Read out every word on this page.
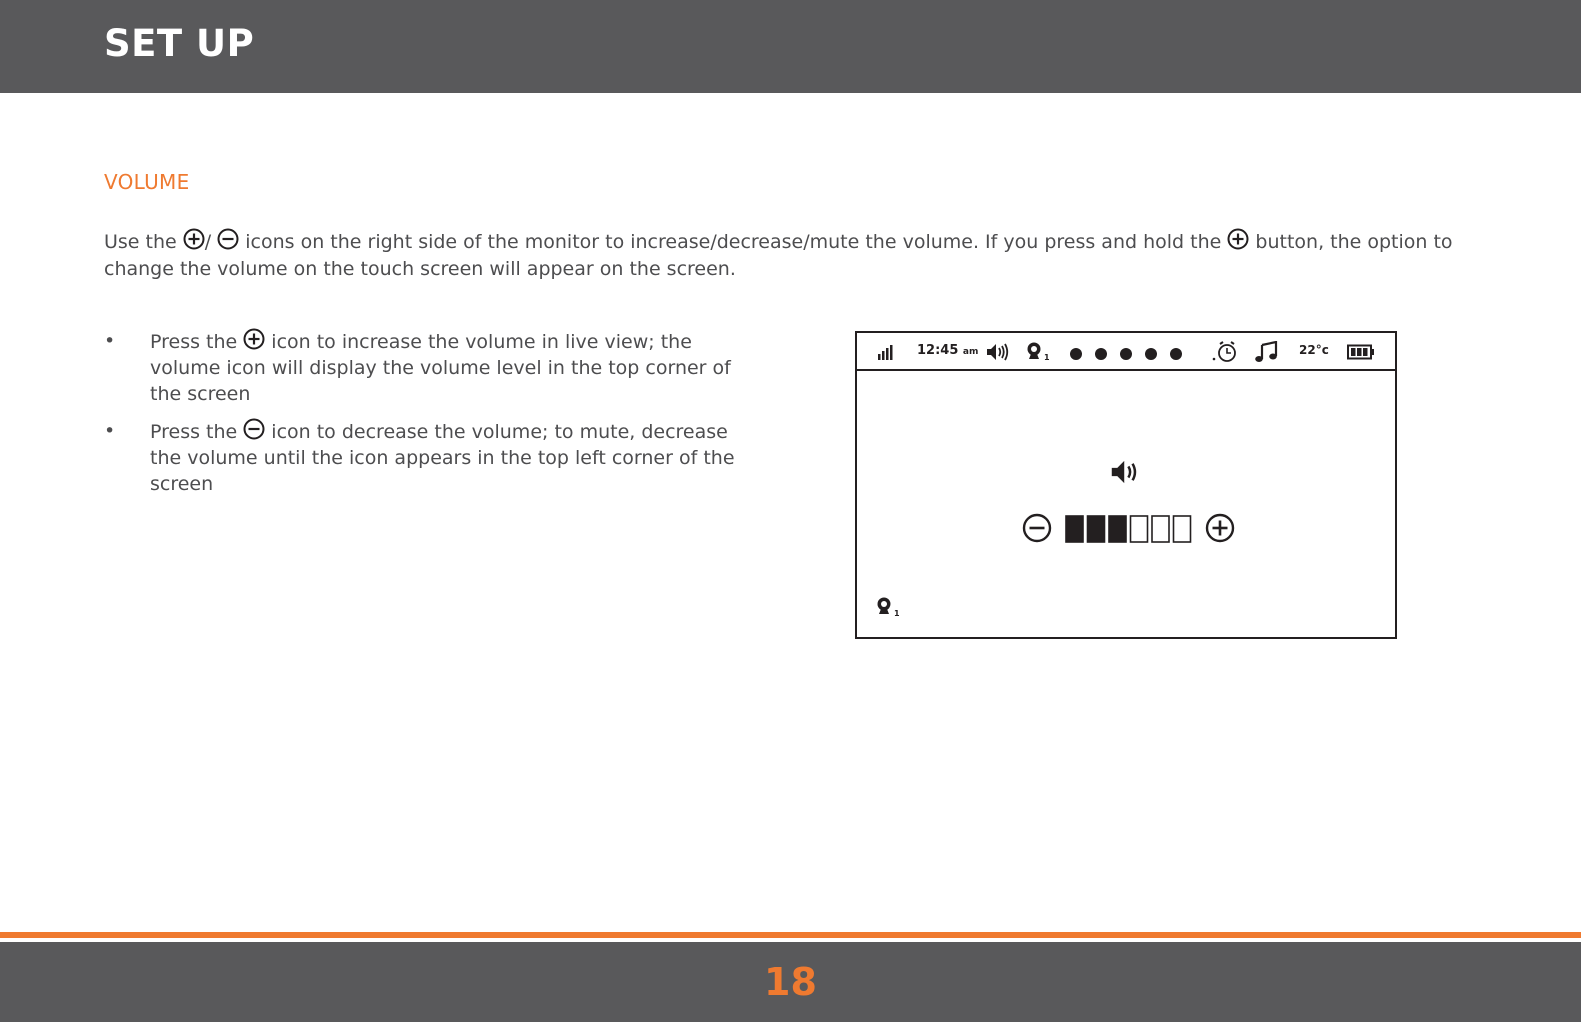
SET UP
VOLUME

Use the
/
icons on the right side of the monitor to increase/decrease/mute the volume. If you press and hold the
button, the option to change the volume on the touch screen will appear on the screen.

• Press the
icon to increase the volume in live view; the volume icon will display the volume level in the top corner of the screen
• Press the
icon to decrease the volume; to mute, decrease the volume until the icon appears in the top left corner of the screen
12:45 am
1
22°c
1
18
